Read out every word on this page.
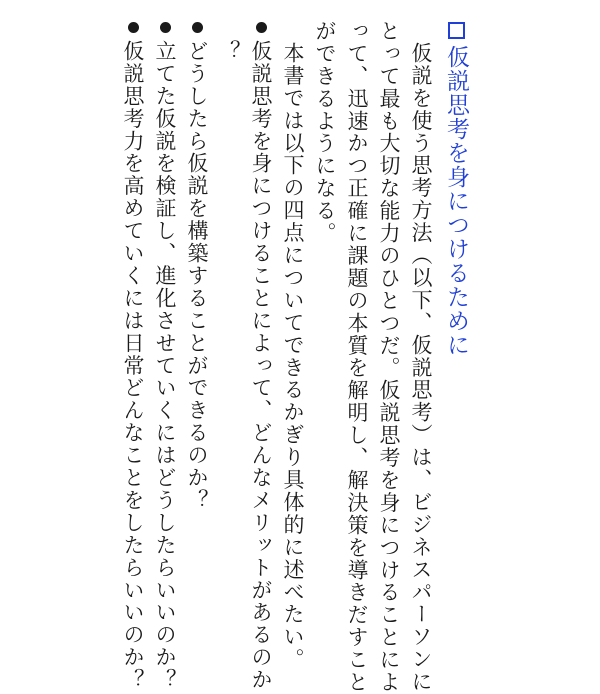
仮説思考を身につけるために
仮説を使う思考方法（以下、仮説思考）は、ビジネスパーソンに
とって最も大切な能力のひとつだ。仮説思考を身につけることによ
って、迅速かつ正確に課題の本質を解明し、解決策を導きだすこと
ができるようになる。
本書では以下の四点についてできるかぎり具体的に述べたい。
仮説思考を身につけることによって、どんなメリットがあるのか
？
どうしたら仮説を構築することができるのか？
立てた仮説を検証し、進化させていくにはどうしたらいいのか？
仮説思考力を高めていくには日常どんなことをしたらいいのか？
